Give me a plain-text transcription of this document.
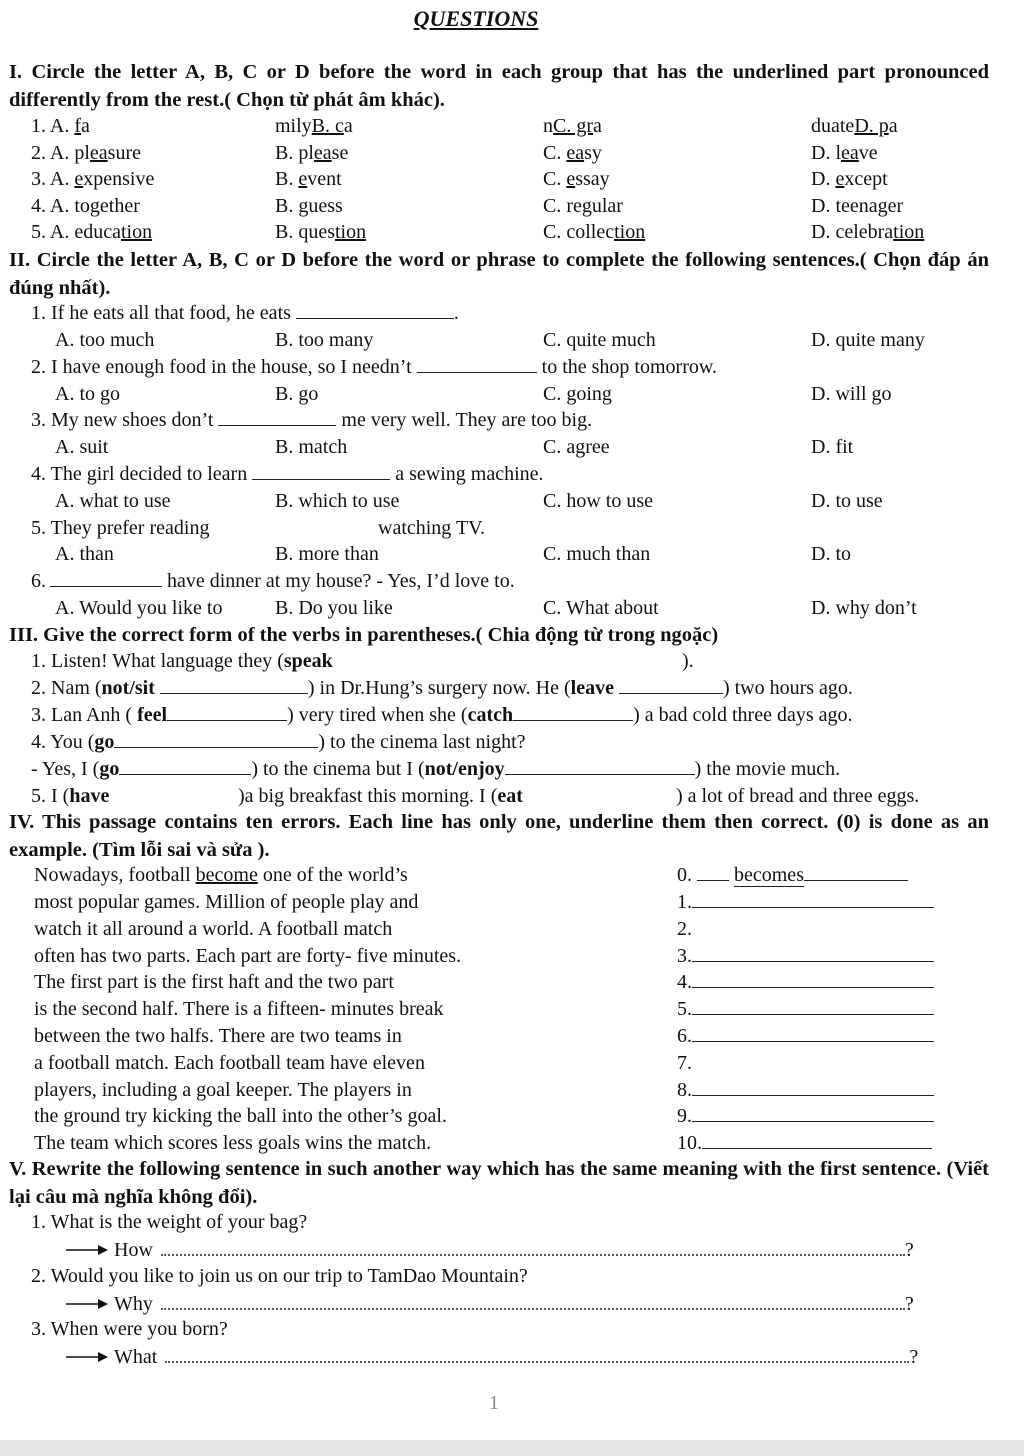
QUESTIONS
I. Circle the letter A, B, C or D before the word in each group that has the underlined part pronounced differently from the rest.( Chọn từ phát âm khác).
1. A. fa	milyB. ca	nC. gra	duateD. pa
2. A. pleasure	B. please	C. easy	D. leave
3. A. expensive	B. event	C. essay	D. except
4. A. together	B. guess	C. regular	D. teenager
5. A. education	B. question	C. collection	D. celebration
II. Circle the letter A, B, C or D before the word or phrase to complete the following sentences.( Chọn đáp án đúng nhất).
1. If he eats all that food, he eats	.
A. too much	B. too many	C. quite much	D. quite many
2. I have enough food in the house, so I needn’t	to the shop tomorrow.
A. to go	B. go	C. going	D. will go
3. My new shoes don’t	me very well. They are too big.
A. suit	B. match	C. agree	D. fit
4. The girl decided to learn	a sewing machine.
A. what to use	B. which to use	C. how to use	D. to use
5. They prefer reading	watching TV.
A. than	B. more than	C. much than	D. to
6.	have dinner at my house? - Yes, I’d love to.
A. Would you like to	B. Do you like	C. What about	D. why don’t
III. Give the correct form of the verbs in parentheses.( Chia động từ trong ngoặc)
1. Listen! What language they (speak	).
2. Nam (not/sit	) in Dr.Hung’s surgery now. He (leave	) two hours ago.
3. Lan Anh ( feel	) very tired when she (catch	) a bad cold three days ago.
4. You (go	) to the cinema last night?
- Yes, I (go	) to the cinema but I (not/enjoy	) the movie much.
5. I (have	)a big breakfast this morning. I (eat	) a lot of bread and three eggs.
IV. This passage contains ten errors. Each line has only one, underline them then correct. (0) is done as an example. (Tìm lỗi sai và sửa ).
Nowadays, football become one of the world’s	0. becomes
most popular games. Million of people play and	1.
watch it all around a world. A football match	2.
often has two parts. Each part are forty- five minutes.	3.
The first part is the first haft and the two part	4.
is the second half. There is a fifteen- minutes break	5.
between the two halfs. There are two teams in	6.
a football match. Each football team have eleven	7.
players, including a goal keeper. The players in	8.
the ground try kicking the ball into the other’s goal.	9.
The team which scores less goals wins the match.	10.
V. Rewrite the following sentence in such another way which has the same meaning with the first sentence. (Viết lại câu mà nghĩa không đổi).
1. What is the weight of your bag?
How	?
2. Would you like to join us on our trip to TamDao Mountain?
Why	?
3. When were you born?
What	?
1
